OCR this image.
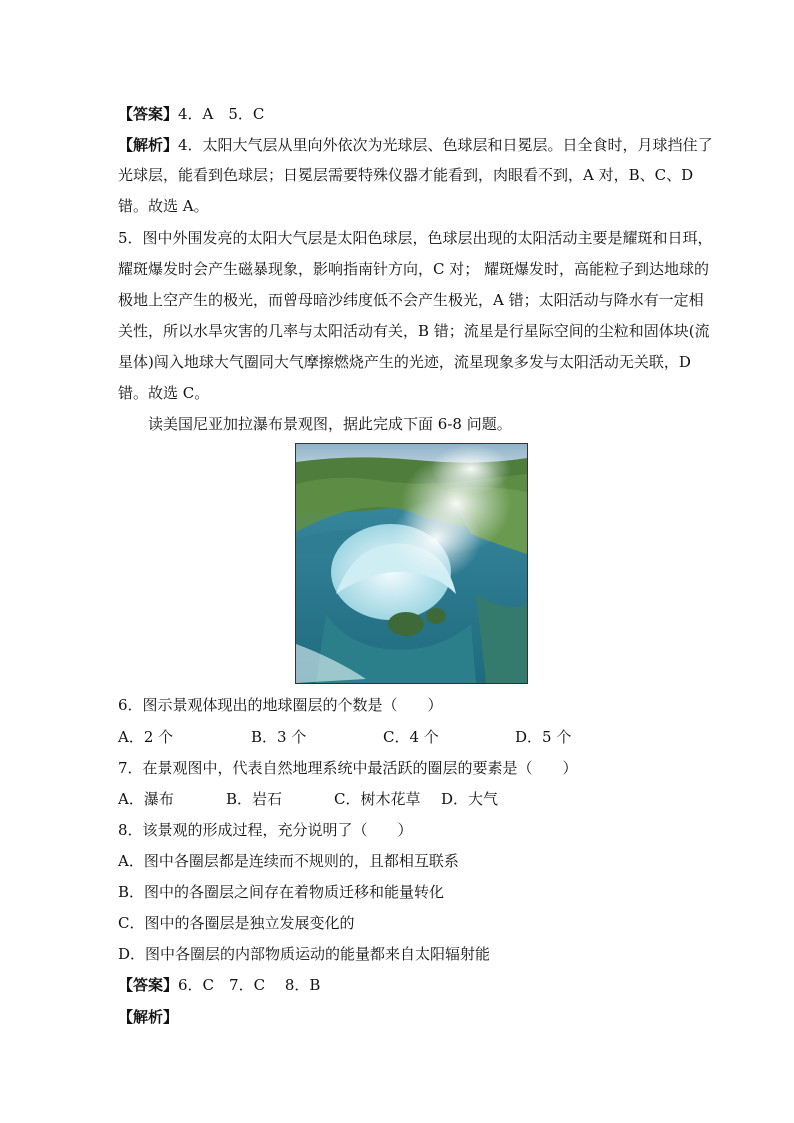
【答案】4．A　5．C
【解析】4．太阳大气层从里向外依次为光球层、色球层和日冕层。日全食时，月球挡住了
光球层，能看到色球层；日冕层需要特殊仪器才能看到，肉眼看不到，A 对，B、C、D
错。故选 A。
5．图中外围发亮的太阳大气层是太阳色球层，色球层出现的太阳活动主要是耀斑和日珥，
耀斑爆发时会产生磁暴现象，影响指南针方向，C 对； 耀斑爆发时，高能粒子到达地球的
极地上空产生的极光，而曾母暗沙纬度低不会产生极光，A 错；太阳活动与降水有一定相
关性，所以水旱灾害的几率与太阳活动有关，B 错；流星是行星际空间的尘粒和固体块(流
星体)闯入地球大气圈同大气摩擦燃烧产生的光迹，流星现象多发与太阳活动无关联，D
错。故选 C。
读美国尼亚加拉瀑布景观图，据此完成下面 6-8 问题。
6．图示景观体现出的地球圈层的个数是（　　）
A．2 个	B．3 个	C．4 个	D．5 个
7．在景观图中，代表自然地理系统中最活跃的圈层的要素是（　　）
A．瀑布	B．岩石	C．树木花草 D．大气
8．该景观的形成过程，充分说明了（　　）
A．图中各圈层都是连续而不规则的，且都相互联系
B．图中的各圈层之间存在着物质迁移和能量转化
C．图中的各圈层是独立发展变化的
D．图中各圈层的内部物质运动的能量都来自太阳辐射能
【答案】6．C　7．C　 8．B
【解析】
